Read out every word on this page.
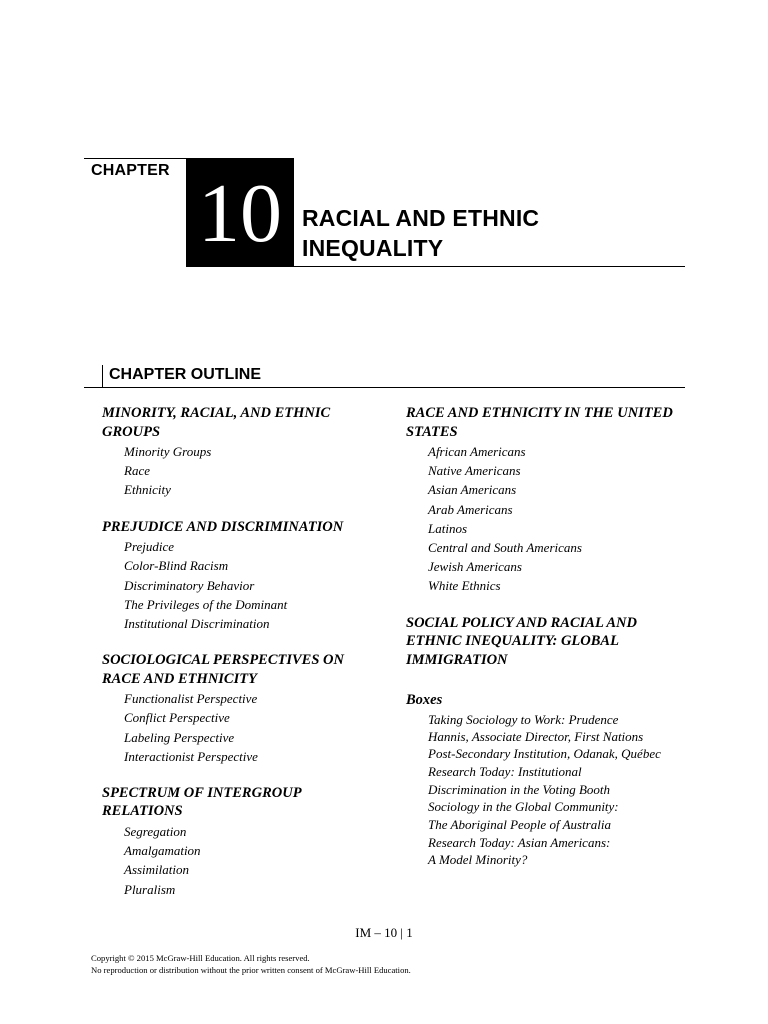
CHAPTER 10 RACIAL AND ETHNIC
INEQUALITY
CHAPTER OUTLINE
MINORITY, RACIAL, AND ETHNIC GROUPS
Minority Groups
Race
Ethnicity
PREJUDICE AND DISCRIMINATION
Prejudice
Color-Blind Racism
Discriminatory Behavior
The Privileges of the Dominant
Institutional Discrimination
SOCIOLOGICAL PERSPECTIVES ON RACE AND ETHNICITY
Functionalist Perspective
Conflict Perspective
Labeling Perspective
Interactionist Perspective
SPECTRUM OF INTERGROUP RELATIONS
Segregation
Amalgamation
Assimilation
Pluralism
RACE AND ETHNICITY IN THE UNITED STATES
African Americans
Native Americans
Asian Americans
Arab Americans
Latinos
Central and South Americans
Jewish Americans
White Ethnics
SOCIAL POLICY AND RACIAL AND ETHNIC INEQUALITY: GLOBAL IMMIGRATION
Boxes
Taking Sociology to Work: Prudence
Hannis, Associate Director, First Nations
Post-Secondary Institution, Odanak, Québec
Research Today: Institutional
Discrimination in the Voting Booth
Sociology in the Global Community:
The Aboriginal People of Australia
Research Today: Asian Americans:
A Model Minority?
IM – 10 | 1
Copyright © 2015 McGraw-Hill Education. All rights reserved.
No reproduction or distribution without the prior written consent of McGraw-Hill Education.
